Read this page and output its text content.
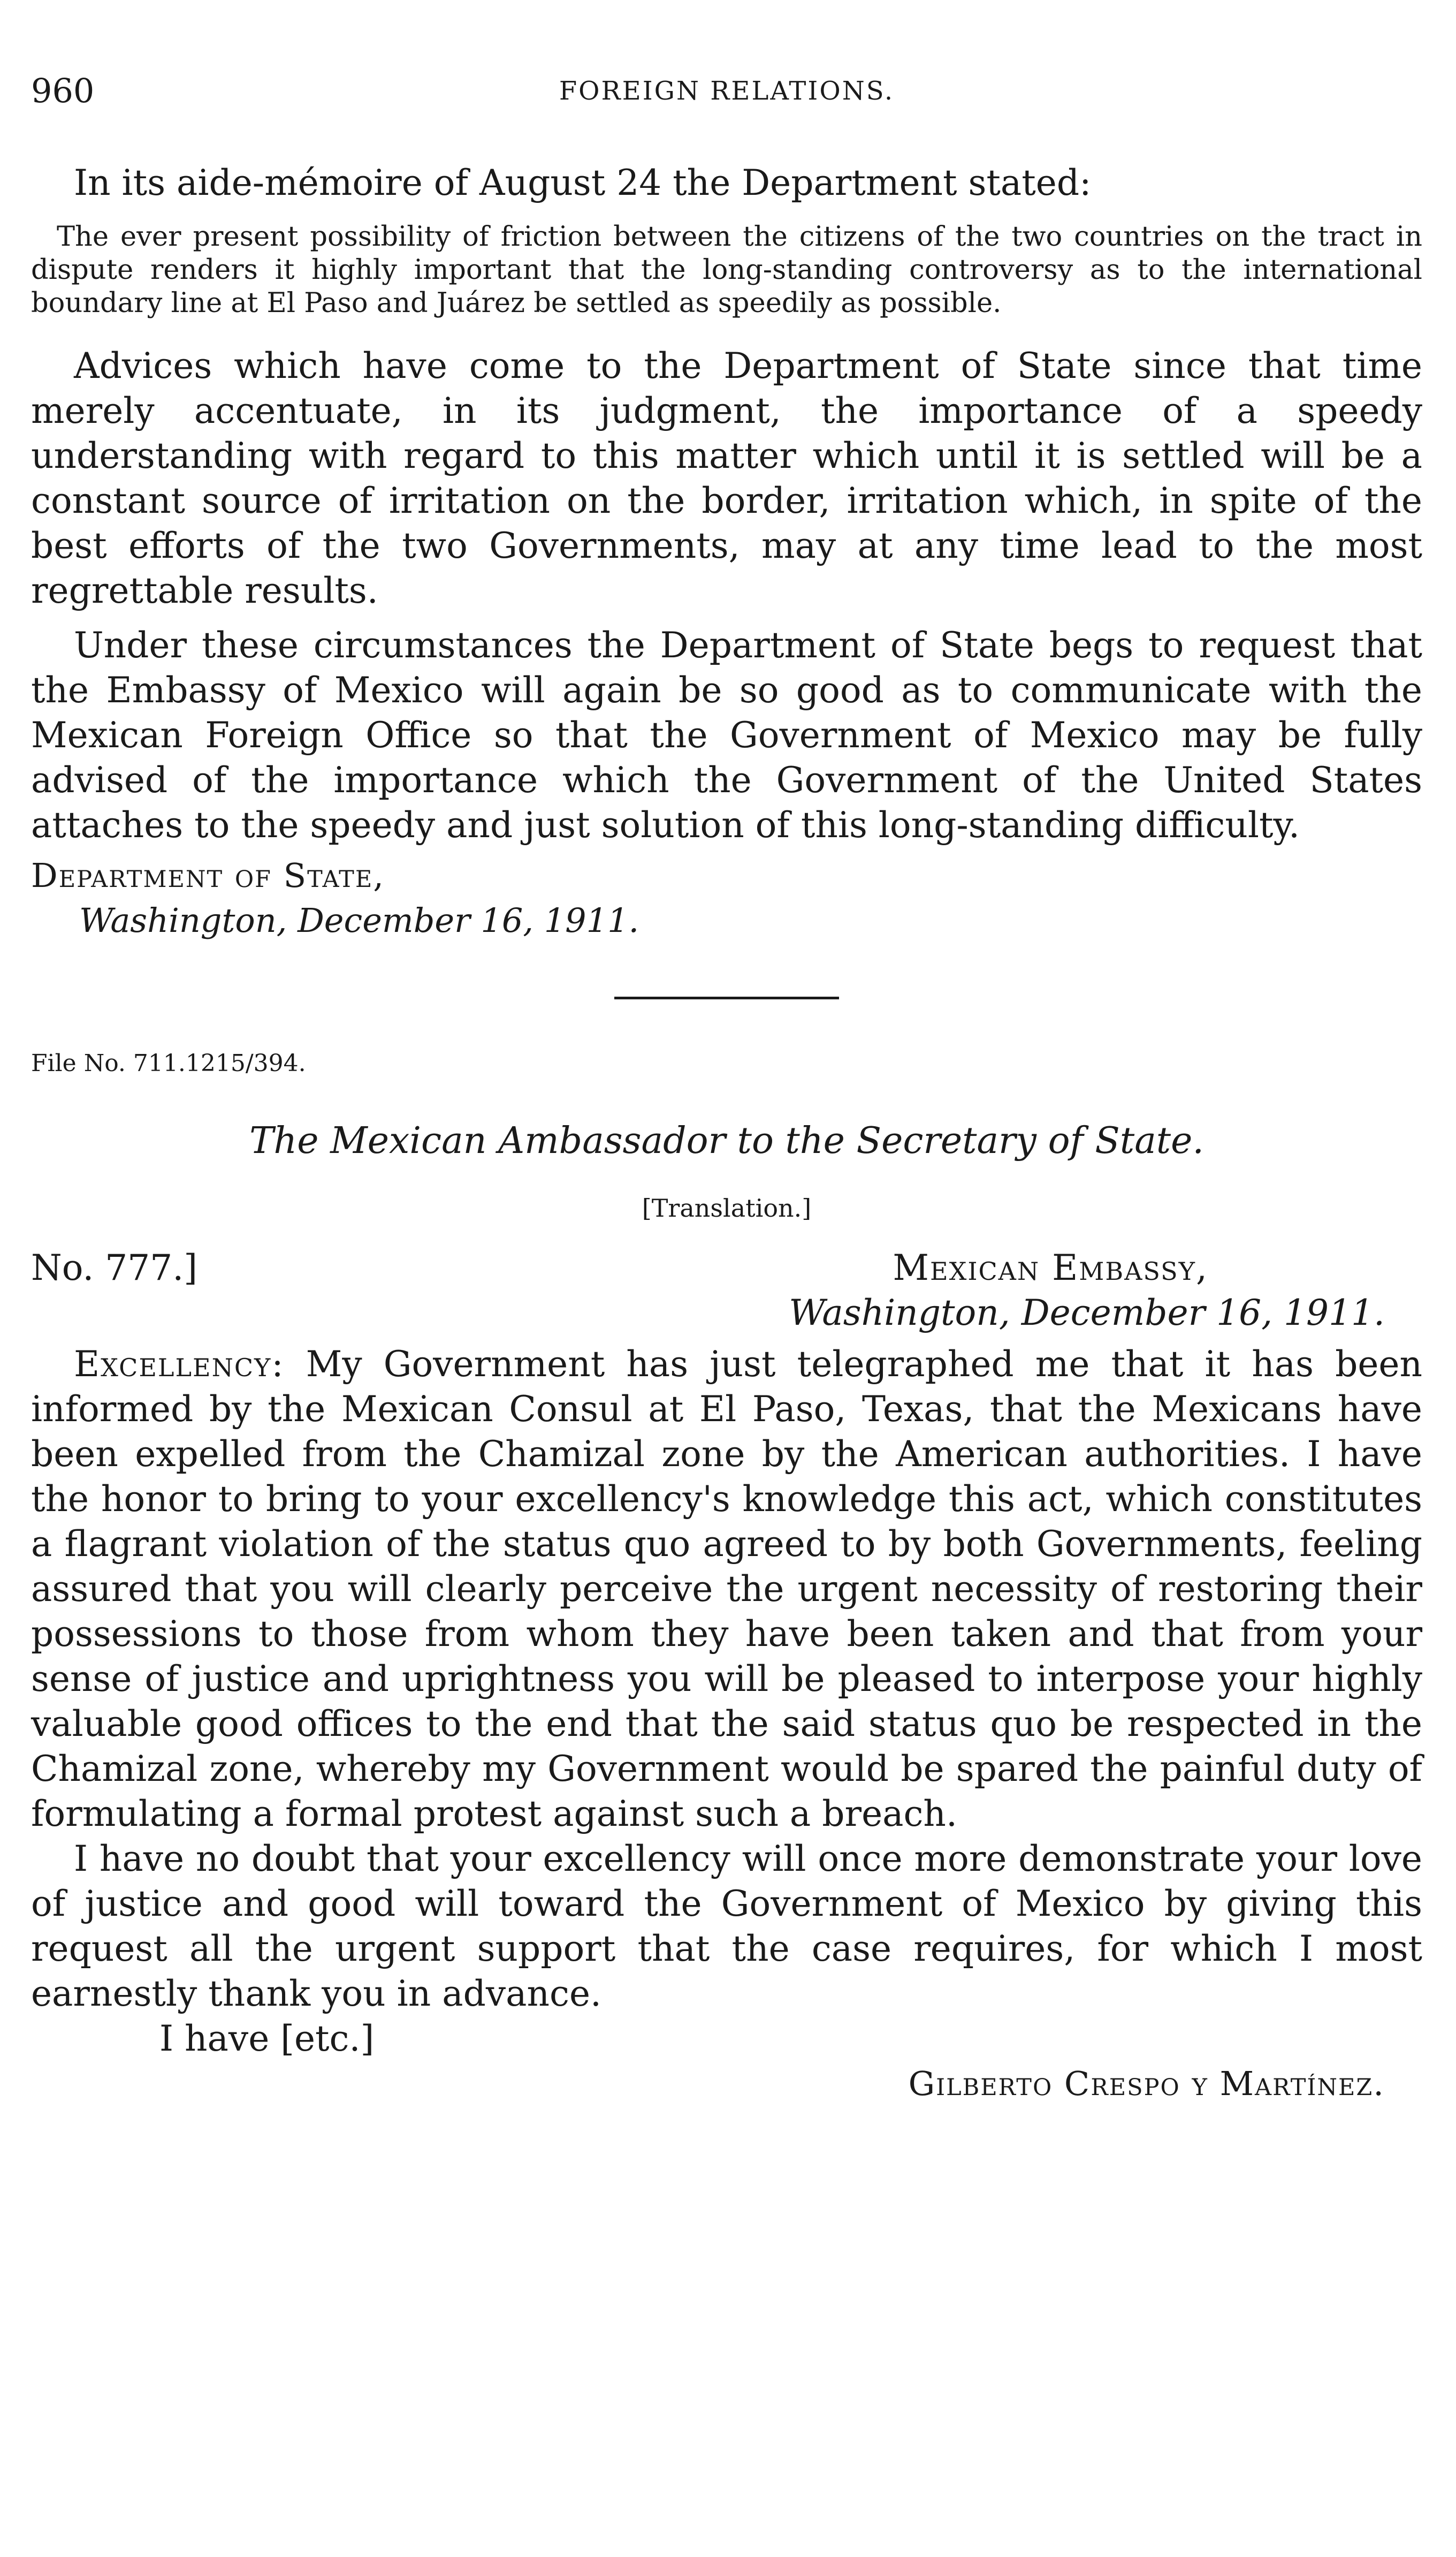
960	FOREIGN RELATIONS.

In its aide-mémoire of August 24 the Department stated:

The ever present possibility of friction between the citizens of the two countries on the tract in dispute renders it highly important that the long-standing controversy as to the international boundary line at El Paso and Juárez be settled as speedily as possible.

Advices which have come to the Department of State since that time merely accentuate, in its judgment, the importance of a speedy understanding with regard to this matter which until it is settled will be a constant source of irritation on the border, irritation which, in spite of the best efforts of the two Governments, may at any time lead to the most regrettable results.

Under these circumstances the Department of State begs to request that the Embassy of Mexico will again be so good as to communicate with the Mexican Foreign Office so that the Government of Mexico may be fully advised of the importance which the Government of the United States attaches to the speedy and just solution of this long-standing difficulty.

Department of State,
Washington, December 16, 1911.

File No. 711.1215/394.

The Mexican Ambassador to the Secretary of State.

[Translation.]

No. 777.]	Mexican Embassy,
Washington, December 16, 1911.

Excellency: My Government has just telegraphed me that it has been informed by the Mexican Consul at El Paso, Texas, that the Mexicans have been expelled from the Chamizal zone by the American authorities. I have the honor to bring to your excellency's knowledge this act, which constitutes a flagrant violation of the status quo agreed to by both Governments, feeling assured that you will clearly perceive the urgent necessity of restoring their possessions to those from whom they have been taken and that from your sense of justice and uprightness you will be pleased to interpose your highly valuable good offices to the end that the said status quo be respected in the Chamizal zone, whereby my Government would be spared the painful duty of formulating a formal protest against such a breach.

I have no doubt that your excellency will once more demonstrate your love of justice and good will toward the Government of Mexico by giving this request all the urgent support that the case requires, for which I most earnestly thank you in advance.

I have [etc.]

Gilberto Crespo y Martínez.
